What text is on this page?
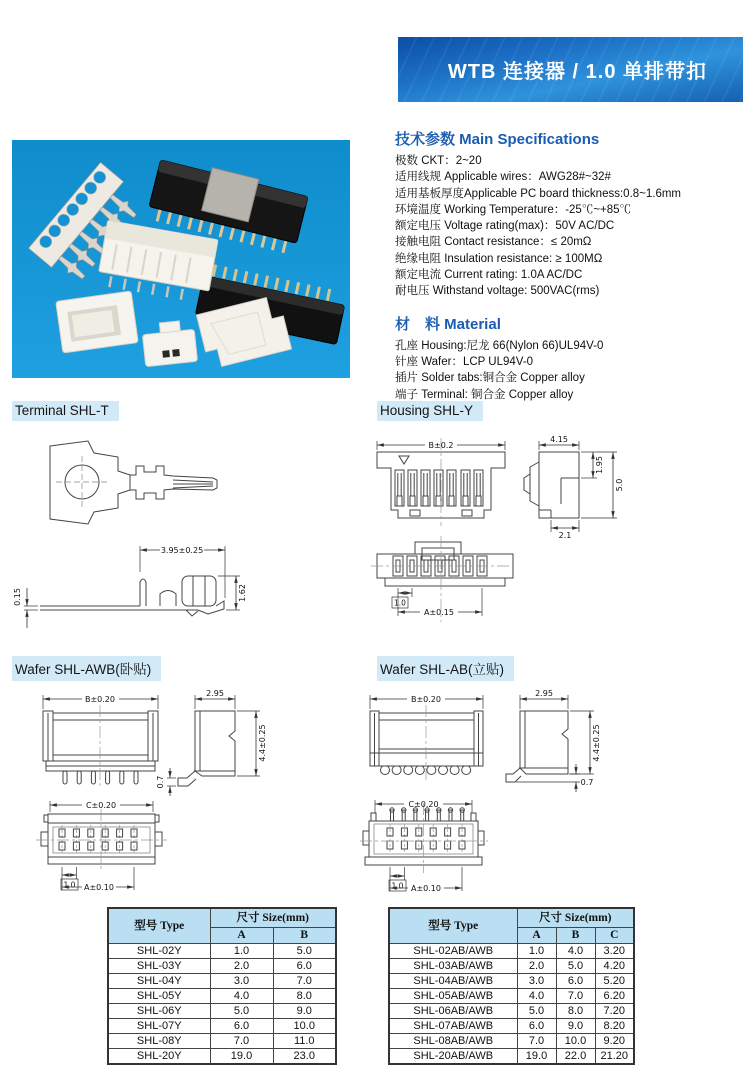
WTB 连接器 / 1.0 单排带扣
技术参数 Main Specifications
极数 CKT：2~20
适用线规 Applicable wires：AWG28#~32#
适用基板厚度Applicable PC board thickness:0.8~1.6mm
环境温度 Working Temperature：-25℃~+85℃
额定电压 Voltage rating(max)：50V AC/DC
接触电阻 Contact resistance：≤ 20mΩ
绝缘电阻 Insulation resistance: ≥ 100MΩ
额定电流 Current rating: 1.0A AC/DC
耐电压 Withstand voltage: 500VAC(rms)
材　料 Material
孔座 Housing:尼龙 66(Nylon 66)UL94V-0
针座 Wafer：LCP UL94V-0
插片 Solder tabs:铜合金 Copper alloy
端子 Terminal: 铜合金 Copper alloy
Terminal SHL-T	Housing SHL-Y
Wafer SHL-AWB(卧贴)	Wafer SHL-AB(立贴)
3.95±0.25
1.62
0.15
B±0.2
4.15
1.95
5.0
2.1
1.0
A±0.15
B±0.20
2.95
4.4±0.25
0.7
C±0.20
1.0 A±0.10
B±0.20
2.95
4.4±0.25
0.7
C±0.20
1.0 A±0.10
型号 Type	尺寸 Size(mm)	
	A	B
SHL-02Y	1.0	5.0
SHL-03Y	2.0	6.0
SHL-04Y	3.0	7.0
SHL-05Y	4.0	8.0
SHL-06Y	5.0	9.0
SHL-07Y	6.0	10.0
SHL-08Y	7.0	11.0
SHL-20Y	19.0	23.0
型号 Type	尺寸 Size(mm)		
	A	B	C
SHL-02AB/AWB	1.0	4.0	3.20
SHL-03AB/AWB	2.0	5.0	4.20
SHL-04AB/AWB	3.0	6.0	5.20
SHL-05AB/AWB	4.0	7.0	6.20
SHL-06AB/AWB	5.0	8.0	7.20
SHL-07AB/AWB	6.0	9.0	8.20
SHL-08AB/AWB	7.0	10.0	9.20
SHL-20AB/AWB	19.0	22.0	21.20
